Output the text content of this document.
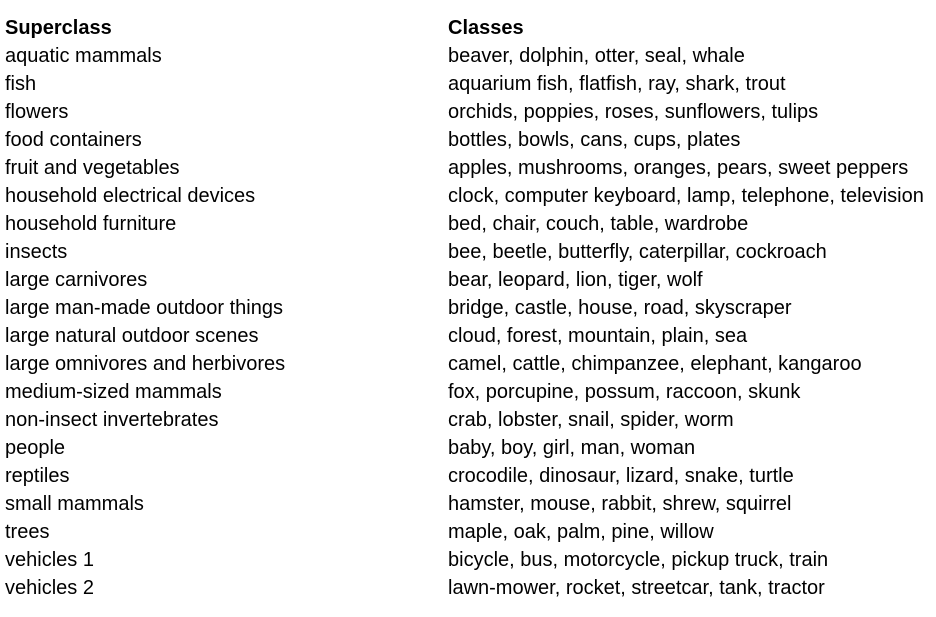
Superclass	Classes
aquatic mammals	beaver, dolphin, otter, seal, whale
fish	aquarium fish, flatfish, ray, shark, trout
flowers	orchids, poppies, roses, sunflowers, tulips
food containers	bottles, bowls, cans, cups, plates
fruit and vegetables	apples, mushrooms, oranges, pears, sweet peppers
household electrical devices	clock, computer keyboard, lamp, telephone, television
household furniture	bed, chair, couch, table, wardrobe
insects	bee, beetle, butterfly, caterpillar, cockroach
large carnivores	bear, leopard, lion, tiger, wolf
large man-made outdoor things	bridge, castle, house, road, skyscraper
large natural outdoor scenes	cloud, forest, mountain, plain, sea
large omnivores and herbivores	camel, cattle, chimpanzee, elephant, kangaroo
medium-sized mammals	fox, porcupine, possum, raccoon, skunk
non-insect invertebrates	crab, lobster, snail, spider, worm
people	baby, boy, girl, man, woman
reptiles	crocodile, dinosaur, lizard, snake, turtle
small mammals	hamster, mouse, rabbit, shrew, squirrel
trees	maple, oak, palm, pine, willow
vehicles 1	bicycle, bus, motorcycle, pickup truck, train
vehicles 2	lawn-mower, rocket, streetcar, tank, tractor
